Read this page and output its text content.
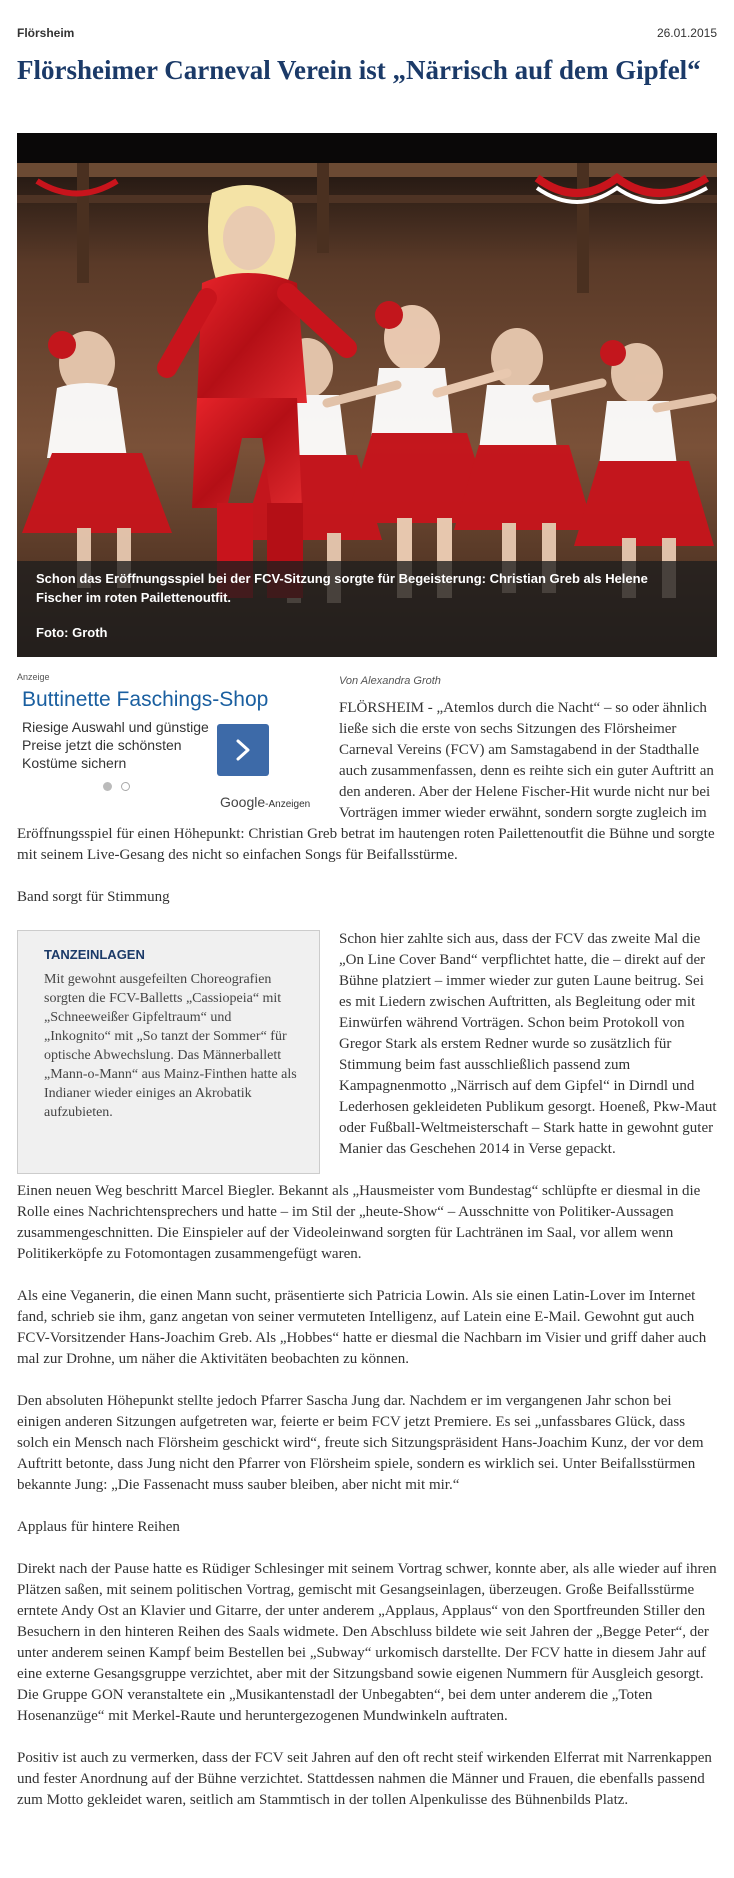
Flörsheim	26.01.2015
Flörsheimer Carneval Verein ist „Närrisch auf dem Gipfel“
Schon das Eröffnungsspiel bei der FCV-Sitzung sorgte für Begeisterung: Christian Greb als Helene Fischer im roten Pailettenoutfit.
Foto: Groth
Anzeige
Buttinette Faschings-Shop
Riesige Auswahl und günstige Preise jetzt die schönsten Kostüme sichern
Google-Anzeigen
Von Alexandra Groth

FLÖRSHEIM - „Atemlos durch die Nacht“ – so oder ähnlich ließe sich die erste von sechs Sitzungen des Flörsheimer Carneval Vereins (FCV) am Samstagabend in der Stadthalle auch zusammenfassen, denn es reihte sich ein guter Auftritt an den anderen. Aber der Helene Fischer-Hit wurde nicht nur bei Vorträgen immer wieder erwähnt, sondern sorgte zugleich im Eröffnungsspiel für einen Höhepunkt: Christian Greb betrat im hautengen roten Pailettenoutfit die Bühne und sorgte mit seinem Live-Gesang des nicht so einfachen Songs für Beifallsstürme.

Band sorgt für Stimmung

TANZEINLAGEN
Mit gewohnt ausgefeilten Choreografien sorgten die FCV-Balletts „Cassiopeia“ mit „Schneeweißer Gipfeltraum“ und „Inkognito“ mit „So tanzt der Sommer“ für optische Abwechslung. Das Männerballett „Mann-o-Mann“ aus Mainz-Finthen hatte als Indianer wieder einiges an Akrobatik aufzubieten.

Schon hier zahlte sich aus, dass der FCV das zweite Mal die „On Line Cover Band“ verpflichtet hatte, die – direkt auf der Bühne platziert – immer wieder zur guten Laune beitrug. Sei es mit Liedern zwischen Auftritten, als Begleitung oder mit Einwürfen während Vorträgen. Schon beim Protokoll von Gregor Stark als erstem Redner wurde so zusätzlich für Stimmung beim fast ausschließlich passend zum Kampagnenmotto „Närrisch auf dem Gipfel“ in Dirndl und Lederhosen gekleideten Publikum gesorgt. Hoeneß, Pkw-Maut oder Fußball-Weltmeisterschaft – Stark hatte in gewohnt guter Manier das Geschehen 2014 in Verse gepackt.

Einen neuen Weg beschritt Marcel Biegler. Bekannt als „Hausmeister vom Bundestag“ schlüpfte er diesmal in die Rolle eines Nachrichtensprechers und hatte – im Stil der „heute-Show“ – Ausschnitte von Politiker-Aussagen zusammengeschnitten. Die Einspieler auf der Videoleinwand sorgten für Lachtränen im Saal, vor allem wenn Politikerköpfe zu Fotomontagen zusammengefügt waren.

Als eine Veganerin, die einen Mann sucht, präsentierte sich Patricia Lowin. Als sie einen Latin-Lover im Internet fand, schrieb sie ihm, ganz angetan von seiner vermuteten Intelligenz, auf Latein eine E-Mail. Gewohnt gut auch FCV-Vorsitzender Hans-Joachim Greb. Als „Hobbes“ hatte er diesmal die Nachbarn im Visier und griff daher auch mal zur Drohne, um näher die Aktivitäten beobachten zu können.

Den absoluten Höhepunkt stellte jedoch Pfarrer Sascha Jung dar. Nachdem er im vergangenen Jahr schon bei einigen anderen Sitzungen aufgetreten war, feierte er beim FCV jetzt Premiere. Es sei „unfassbares Glück, dass solch ein Mensch nach Flörsheim geschickt wird“, freute sich Sitzungspräsident Hans-Joachim Kunz, der vor dem Auftritt betonte, dass Jung nicht den Pfarrer von Flörsheim spiele, sondern es wirklich sei. Unter Beifallsstürmen bekannte Jung: „Die Fassenacht muss sauber bleiben, aber nicht mit mir.“

Applaus für hintere Reihen

Direkt nach der Pause hatte es Rüdiger Schlesinger mit seinem Vortrag schwer, konnte aber, als alle wieder auf ihren Plätzen saßen, mit seinem politischen Vortrag, gemischt mit Gesangseinlagen, überzeugen. Große Beifallsstürme erntete Andy Ost an Klavier und Gitarre, der unter anderem „Applaus, Applaus“ von den Sportfreunden Stiller den Besuchern in den hinteren Reihen des Saals widmete. Den Abschluss bildete wie seit Jahren der „Begge Peter“, der unter anderem seinen Kampf beim Bestellen bei „Subway“ urkomisch darstellte. Der FCV hatte in diesem Jahr auf eine externe Gesangsgruppe verzichtet, aber mit der Sitzungsband sowie eigenen Nummern für Ausgleich gesorgt. Die Gruppe GON veranstaltete ein „Musikantenstadl der Unbegabten“, bei dem unter anderem die „Toten Hosenanzüge“ mit Merkel-Raute und heruntergezogenen Mundwinkeln auftraten.

Positiv ist auch zu vermerken, dass der FCV seit Jahren auf den oft recht steif wirkenden Elferrat mit Narrenkappen und fester Anordnung auf der Bühne verzichtet. Stattdessen nahmen die Männer und Frauen, die ebenfalls passend zum Motto gekleidet waren, seitlich am Stammtisch in der tollen Alpenkulisse des Bühnenbilds Platz.
